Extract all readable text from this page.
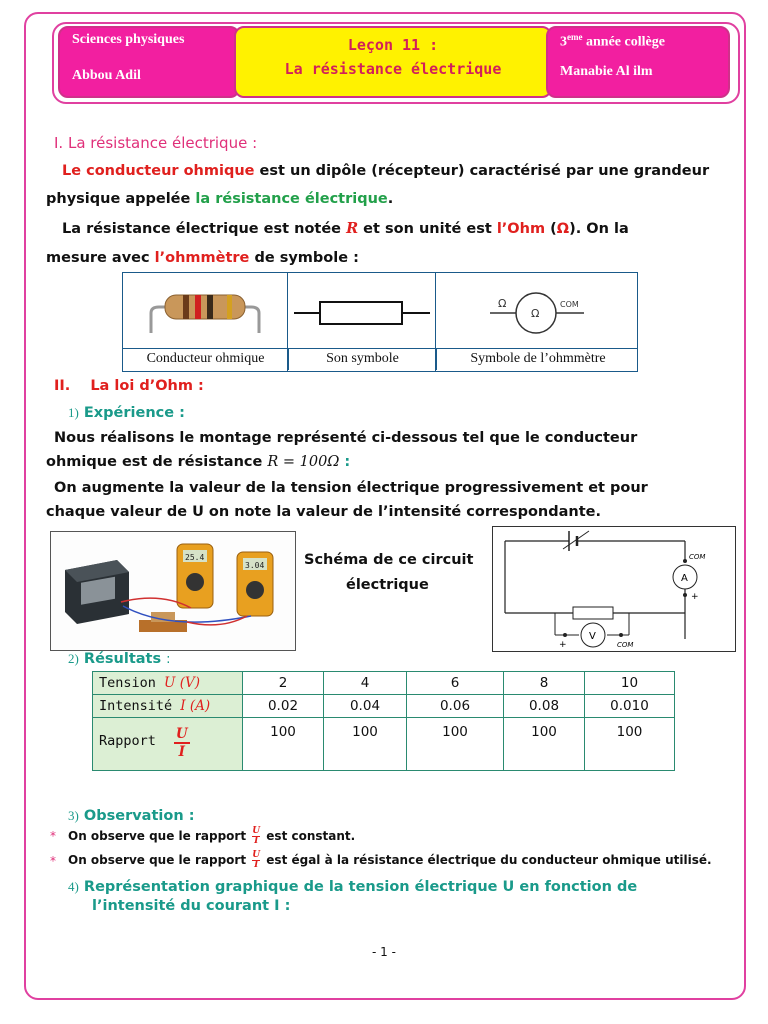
Sciences physiques
Abbou Adil
Leçon 11 :
La résistance électrique
3eme année collège
Manabie Al ilm
I. La résistance électrique :
Le conducteur ohmique est un dipôle (récepteur) caractérisé par une grandeur
physique appelée la résistance électrique.
La résistance électrique est notée R et son unité est l’Ohm (Ω). On la
mesure avec l’ohmmètre de symbole :
Ω
Ω
COM
Conducteur ohmique	Son symbole	Symbole de l’ohmmètre
II. La loi d’Ohm :
1) Expérience :
Nous réalisons le montage représenté ci-dessous tel que le conducteur
ohmique est de résistance R = 100Ω :
On augmente la valeur de la tension électrique progressivement et pour
chaque valeur de U on note la valeur de l’intensité correspondante.
25.4
3.04	Schéma de ce circuit
électrique
COM
A
+
V
+	COM
2) Résultats :
Tension U (V)	2	4	6	8	10
Intensité I (A)	0.02	0.04	0.06	0.08	0.010
Rapport $\frac{U}{I}$	100	100	100	100	100
3) Observation :
* On observe que le rapport $\frac{U}{I}$ est constant.
* On observe que le rapport $\frac{U}{I}$ est égal à la résistance électrique du conducteur ohmique utilisé.
4) Représentation graphique de la tension électrique U en fonction de
l’intensité du courant I :
- 1 -
